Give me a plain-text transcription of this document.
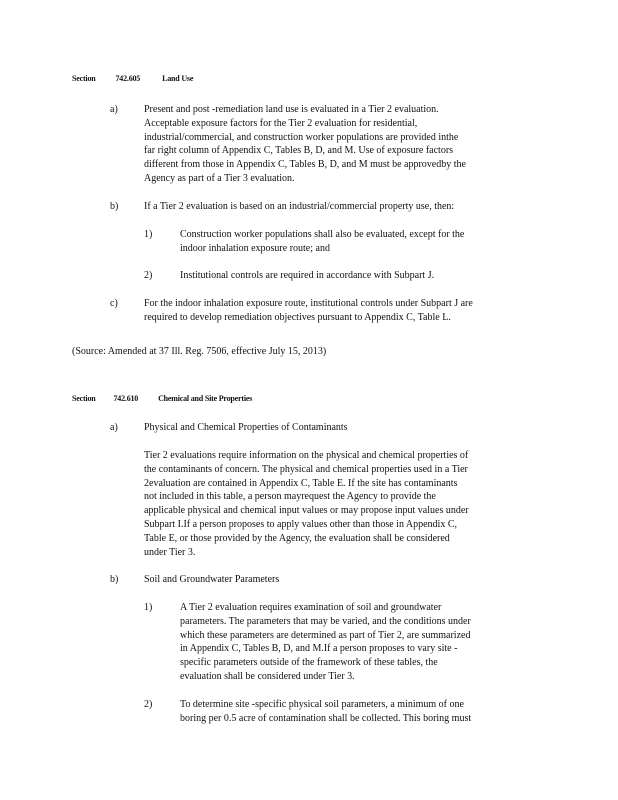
Section	742.605	Land Use
a)	Present and post -remediation land use is evaluated in a Tier 2 evaluation.
Acceptable exposure factors for the Tier 2 evaluation for residential,
industrial/commercial, and construction worker populations are provided inthe
far right column of Appendix C, Tables B, D, and M. Use of exposure factors
different from those in Appendix C, Tables B, D, and M must be approvedby the
Agency as part of a Tier 3 evaluation.
b)	If a Tier 2 evaluation is based on an industrial/commercial property use, then:
1)	Construction worker populations shall also be evaluated, except for the
indoor inhalation exposure route; and
2)	Institutional controls are required in accordance with Subpart J.
c)	For the indoor inhalation exposure route, institutional controls under Subpart J are
required to develop remediation objectives pursuant to Appendix C, Table L.
(Source: Amended at 37 Ill. Reg. 7506, effective July 15, 2013)
Section 742.610	Chemical and Site Properties
a)	Physical and Chemical Properties of Contaminants
Tier 2 evaluations require information on the physical and chemical properties of
the contaminants of concern. The physical and chemical properties used in a Tier
2evaluation are contained in Appendix C, Table E. If the site has contaminants
not included in this table, a person mayrequest the Agency to provide the
applicable physical and chemical input values or may propose input values under
Subpart I.If a person proposes to apply values other than those in Appendix C,
Table E, or those provided by the Agency, the evaluation shall be considered
under Tier 3.
b)	Soil and Groundwater Parameters
1)	A Tier 2 evaluation requires examination of soil and groundwater
parameters. The parameters that may be varied, and the conditions under
which these parameters are determined as part of Tier 2, are summarized
in Appendix C, Tables B, D, and M.If a person proposes to vary site -
specific parameters outside of the framework of these tables, the
evaluation shall be considered under Tier 3.
2)	To determine site -specific physical soil parameters, a minimum of one
boring per 0.5 acre of contamination shall be collected. This boring must
